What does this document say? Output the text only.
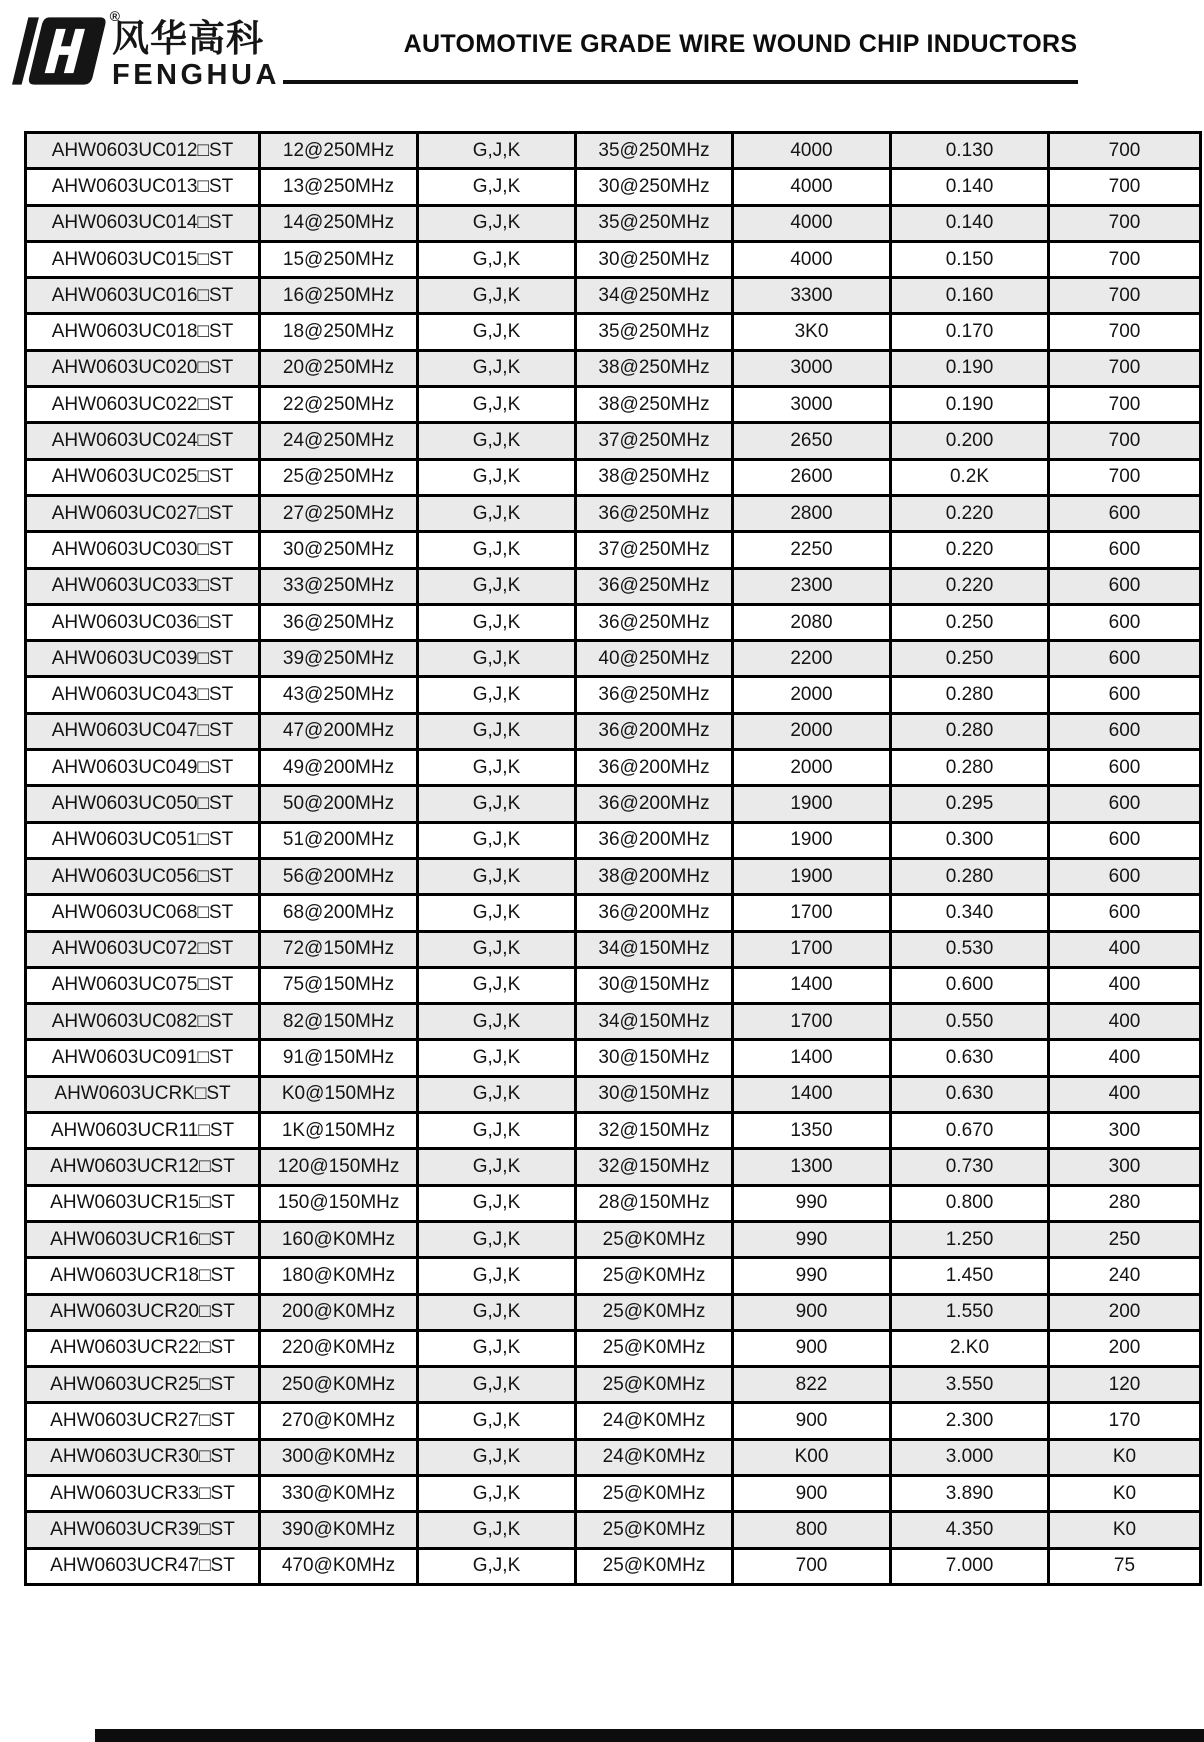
®
风华高科
FENGHUA
AUTOMOTIVE GRADE WIRE WOUND CHIP INDUCTORS
AHW0603UC012□ST	12@250MHz	G,J,K	35@250MHz	4000	0.130	700
AHW0603UC013□ST	13@250MHz	G,J,K	30@250MHz	4000	0.140	700
AHW0603UC014□ST	14@250MHz	G,J,K	35@250MHz	4000	0.140	700
AHW0603UC015□ST	15@250MHz	G,J,K	30@250MHz	4000	0.150	700
AHW0603UC016□ST	16@250MHz	G,J,K	34@250MHz	3300	0.160	700
AHW0603UC018□ST	18@250MHz	G,J,K	35@250MHz	3K0	0.170	700
AHW0603UC020□ST	20@250MHz	G,J,K	38@250MHz	3000	0.190	700
AHW0603UC022□ST	22@250MHz	G,J,K	38@250MHz	3000	0.190	700
AHW0603UC024□ST	24@250MHz	G,J,K	37@250MHz	2650	0.200	700
AHW0603UC025□ST	25@250MHz	G,J,K	38@250MHz	2600	0.2K	700
AHW0603UC027□ST	27@250MHz	G,J,K	36@250MHz	2800	0.220	600
AHW0603UC030□ST	30@250MHz	G,J,K	37@250MHz	2250	0.220	600
AHW0603UC033□ST	33@250MHz	G,J,K	36@250MHz	2300	0.220	600
AHW0603UC036□ST	36@250MHz	G,J,K	36@250MHz	2080	0.250	600
AHW0603UC039□ST	39@250MHz	G,J,K	40@250MHz	2200	0.250	600
AHW0603UC043□ST	43@250MHz	G,J,K	36@250MHz	2000	0.280	600
AHW0603UC047□ST	47@200MHz	G,J,K	36@200MHz	2000	0.280	600
AHW0603UC049□ST	49@200MHz	G,J,K	36@200MHz	2000	0.280	600
AHW0603UC050□ST	50@200MHz	G,J,K	36@200MHz	1900	0.295	600
AHW0603UC051□ST	51@200MHz	G,J,K	36@200MHz	1900	0.300	600
AHW0603UC056□ST	56@200MHz	G,J,K	38@200MHz	1900	0.280	600
AHW0603UC068□ST	68@200MHz	G,J,K	36@200MHz	1700	0.340	600
AHW0603UC072□ST	72@150MHz	G,J,K	34@150MHz	1700	0.530	400
AHW0603UC075□ST	75@150MHz	G,J,K	30@150MHz	1400	0.600	400
AHW0603UC082□ST	82@150MHz	G,J,K	34@150MHz	1700	0.550	400
AHW0603UC091□ST	91@150MHz	G,J,K	30@150MHz	1400	0.630	400
AHW0603UCRK□ST	K0@150MHz	G,J,K	30@150MHz	1400	0.630	400
AHW0603UCR11□ST	1K@150MHz	G,J,K	32@150MHz	1350	0.670	300
AHW0603UCR12□ST	120@150MHz	G,J,K	32@150MHz	1300	0.730	300
AHW0603UCR15□ST	150@150MHz	G,J,K	28@150MHz	990	0.800	280
AHW0603UCR16□ST	160@K0MHz	G,J,K	25@K0MHz	990	1.250	250
AHW0603UCR18□ST	180@K0MHz	G,J,K	25@K0MHz	990	1.450	240
AHW0603UCR20□ST	200@K0MHz	G,J,K	25@K0MHz	900	1.550	200
AHW0603UCR22□ST	220@K0MHz	G,J,K	25@K0MHz	900	2.K0	200
AHW0603UCR25□ST	250@K0MHz	G,J,K	25@K0MHz	822	3.550	120
AHW0603UCR27□ST	270@K0MHz	G,J,K	24@K0MHz	900	2.300	170
AHW0603UCR30□ST	300@K0MHz	G,J,K	24@K0MHz	K00	3.000	K0
AHW0603UCR33□ST	330@K0MHz	G,J,K	25@K0MHz	900	3.890	K0
AHW0603UCR39□ST	390@K0MHz	G,J,K	25@K0MHz	800	4.350	K0
AHW0603UCR47□ST	470@K0MHz	G,J,K	25@K0MHz	700	7.000	75
